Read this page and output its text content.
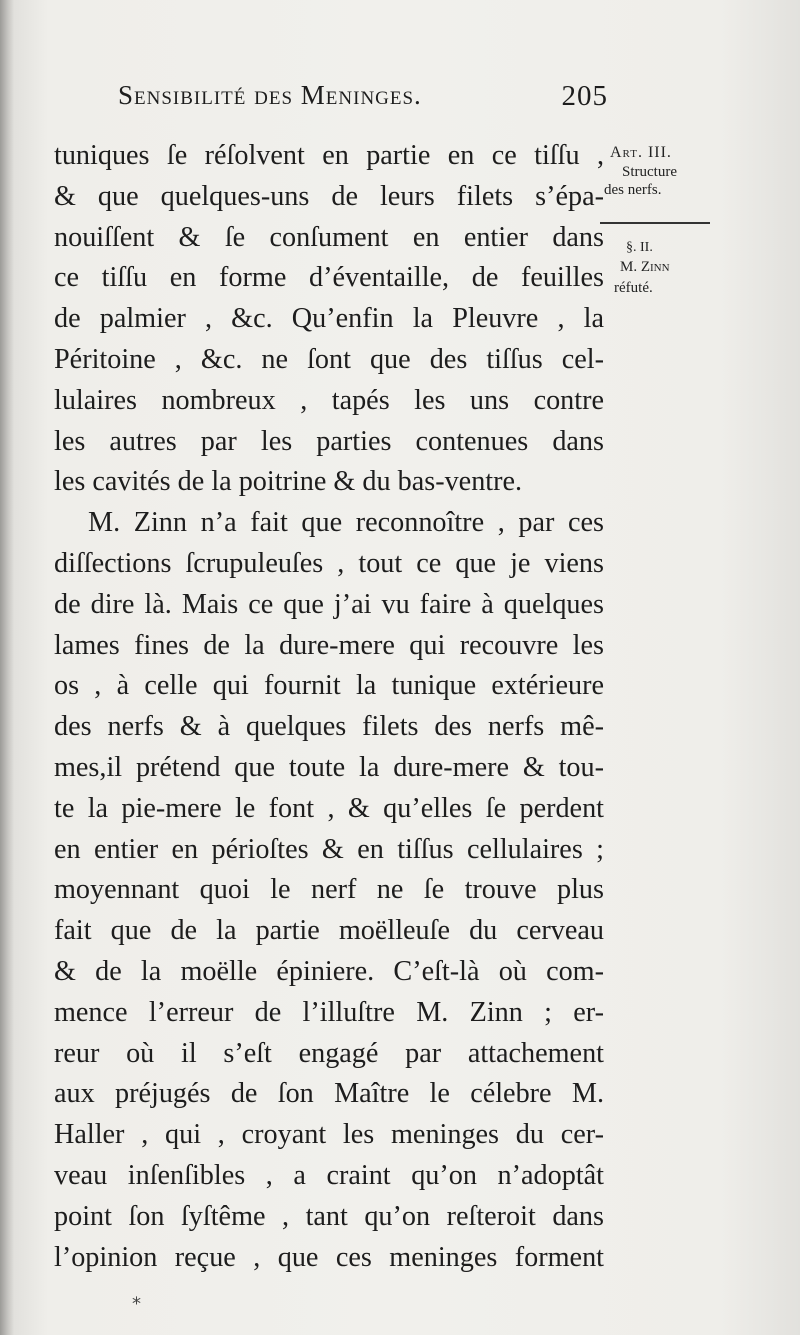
Sensibilité des Meninges.	205
tuniques ſe réſolvent en partie en ce tiſſu ,
& que quelques-uns de leurs filets s’épa-
nouiſſent & ſe conſument en entier dans
ce tiſſu en forme d’éventaille, de feuilles
de palmier , &c. Qu’enfin la Pleuvre , la
Péritoine , &c. ne ſont que des tiſſus cel-
lulaires nombreux , tapés les uns contre
les autres par les parties contenues dans
les cavités de la poitrine & du bas-ventre.
M. Zinn n’a fait que reconnoître , par ces
diſſections ſcrupuleuſes , tout ce que je viens
de dire là. Mais ce que j’ai vu faire à quelques
lames fines de la dure-mere qui recouvre les
os , à celle qui fournit la tunique extérieure
des nerfs & à quelques filets des nerfs mê-
mes,il prétend que toute la dure-mere & tou-
te la pie-mere le font , & qu’elles ſe perdent
en entier en périoſtes & en tiſſus cellulaires ;
moyennant quoi le nerf ne ſe trouve plus
fait que de la partie moëlleuſe du cerveau
& de la moëlle épiniere. C’eſt-là où com-
mence l’erreur de l’illuſtre M. Zinn ; er-
reur où il s’eſt engagé par attachement
aux préjugés de ſon Maître le célebre M.
Haller , qui , croyant les meninges du cer-
veau inſenſibles , a craint qu’on n’adoptât
point ſon ſyſtême , tant qu’on reſteroit dans
l’opinion reçue , que ces meninges forment
Art. III.
Structure
des nerfs.
§. II.
M. Zinn
réfuté.
⁎
